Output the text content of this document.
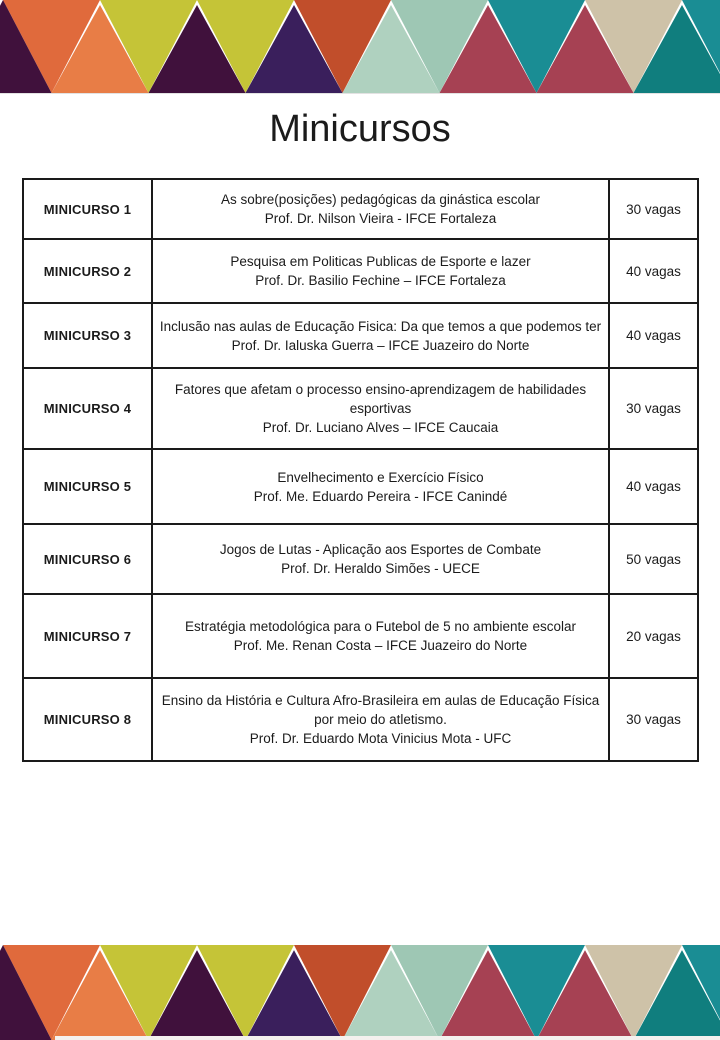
Minicursos
MINICURSO 1	As sobre(posições) pedagógicas da ginástica escolar
Prof. Dr. Nilson Vieira - IFCE Fortaleza	30 vagas
MINICURSO 2	Pesquisa em Politicas Publicas de Esporte e lazer
Prof. Dr. Basilio Fechine – IFCE Fortaleza	40 vagas
MINICURSO 3	Inclusão nas aulas de Educação Fisica: Da que temos a que podemos ter
Prof. Dr. Ialuska Guerra – IFCE Juazeiro do Norte	40 vagas
MINICURSO 4	Fatores que afetam o processo ensino-aprendizagem de habilidades esportivas
Prof. Dr. Luciano Alves – IFCE Caucaia	30 vagas
MINICURSO 5	Envelhecimento e Exercício Físico
Prof. Me. Eduardo Pereira - IFCE Canindé	40 vagas
MINICURSO 6	Jogos de Lutas - Aplicação aos Esportes de Combate
Prof. Dr. Heraldo Simões - UECE	50 vagas
MINICURSO 7	Estratégia metodológica para o Futebol de 5 no ambiente escolar
Prof. Me. Renan Costa – IFCE Juazeiro do Norte	20 vagas
MINICURSO 8	Ensino da História e Cultura Afro-Brasileira em aulas de Educação Física por meio do atletismo.
Prof. Dr. Eduardo Mota Vinicius Mota - UFC	30 vagas
